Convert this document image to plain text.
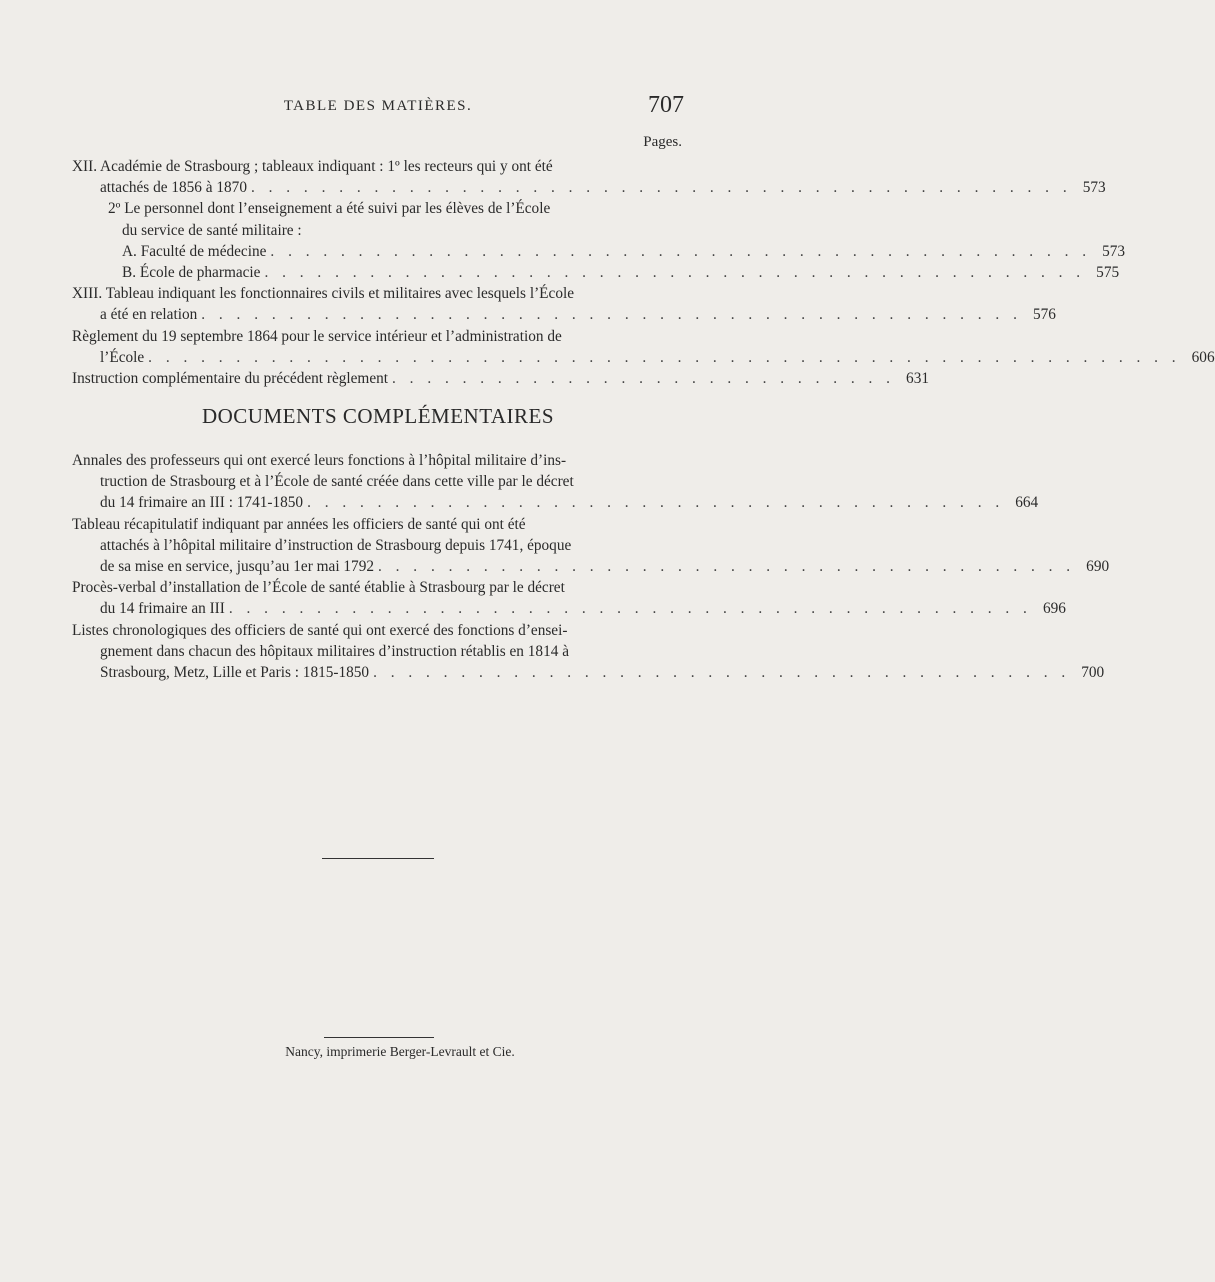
TABLE DES MATIÈRES.	707
Pages.
XII. Académie de Strasbourg ; tableaux indiquant : 1º les recteurs qui y ont été
attachés de 1856 à 1870 . . . . . . . . . . . . . . . . . . . . . . . . . . . . . . . . . . . . . . . . . . . . . . . 573
2º Le personnel dont l’enseignement a été suivi par les élèves de l’École
du service de santé militaire :
A. Faculté de médecine . . . . . . . . . . . . . . . . . . . . . . . . . . . . . . . . . . . . . . . . . . . . . . . 573
B. École de pharmacie . . . . . . . . . . . . . . . . . . . . . . . . . . . . . . . . . . . . . . . . . . . . . . . 575
XIII. Tableau indiquant les fonctionnaires civils et militaires avec lesquels l’École
a été en relation . . . . . . . . . . . . . . . . . . . . . . . . . . . . . . . . . . . . . . . . . . . . . . . 576
Règlement du 19 septembre 1864 pour le service intérieur et l’administration de
l’École . . . . . . . . . . . . . . . . . . . . . . . . . . . . . . . . . . . . . . . . . . . . . . . . . . . . . . . . . . . 606
Instruction complémentaire du précédent règlement . . . . . . . . . . . . . . . . . . . . . . . . . . . . . 631
DOCUMENTS COMPLÉMENTAIRES
Annales des professeurs qui ont exercé leurs fonctions à l’hôpital militaire d’ins-
truction de Strasbourg et à l’École de santé créée dans cette ville par le décret
du 14 frimaire an III : 1741-1850 . . . . . . . . . . . . . . . . . . . . . . . . . . . . . . . . . . . . . . . . 664
Tableau récapitulatif indiquant par années les officiers de santé qui ont été
attachés à l’hôpital militaire d’instruction de Strasbourg depuis 1741, époque
de sa mise en service, jusqu’au 1er mai 1792 . . . . . . . . . . . . . . . . . . . . . . . . . . . . . . . . . . . . . . . . 690
Procès-verbal d’installation de l’École de santé établie à Strasbourg par le décret
du 14 frimaire an III . . . . . . . . . . . . . . . . . . . . . . . . . . . . . . . . . . . . . . . . . . . . . . 696
Listes chronologiques des officiers de santé qui ont exercé des fonctions d’ensei-
gnement dans chacun des hôpitaux militaires d’instruction rétablis en 1814 à
Strasbourg, Metz, Lille et Paris : 1815-1850 . . . . . . . . . . . . . . . . . . . . . . . . . . . . . . . . . . . . . . . . 700
Nancy, imprimerie Berger-Levrault et Cie.
